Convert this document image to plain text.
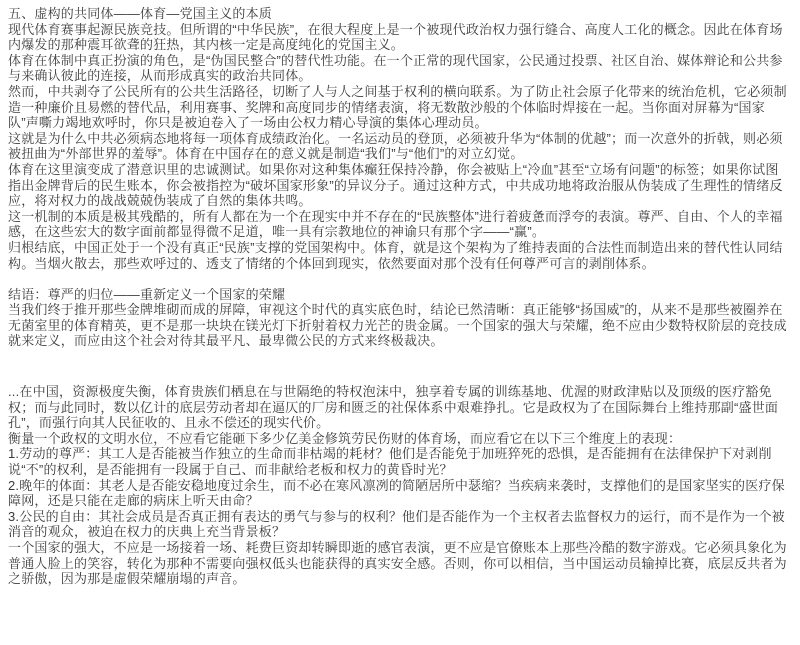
五、虚构的共同体——体育—党国主义的本质

现代体育赛事起源民族竞技。但所谓的“中华民族”，在很大程度上是一个被现代政治权力强行缝合、高度人工化的概念。因此在体育场内爆发的那种震耳欲聋的狂热，其内核一定是高度纯化的党国主义。

体育在体制中真正扮演的角色，是“伪国民整合”的替代性功能。在一个正常的现代国家，公民通过投票、社区自治、媒体辩论和公共参与来确认彼此的连接，从而形成真实的政治共同体。

然而，中共剥夺了公民所有的公共生活路径，切断了人与人之间基于权利的横向联系。为了防止社会原子化带来的统治危机，它必须制造一种廉价且易燃的替代品，利用赛事、奖牌和高度同步的情绪表演，将无数散沙般的个体临时焊接在一起。当你面对屏幕为“国家队”声嘶力竭地欢呼时，你只是被迫卷入了一场由公权力精心导演的集体心理动员。

这就是为什么中共必须病态地将每一项体育成绩政治化。一名运动员的登顶，必须被升华为“体制的优越”；而一次意外的折戟，则必须被扭曲为“外部世界的羞辱”。体育在中国存在的意义就是制造“我们”与“他们”的对立幻觉。

体育在这里演变成了潜意识里的忠诚测试。如果你对这种集体癫狂保持冷静，你会被贴上“冷血”甚至“立场有问题”的标签；如果你试图指出金牌背后的民生账本，你会被指控为“破坏国家形象”的异议分子。通过这种方式，中共成功地将政治服从伪装成了生理性的情绪反应，将对权力的战战兢兢伪装成了自然的集体共鸣。

这一机制的本质是极其残酷的，所有人都在为一个在现实中并不存在的“民族整体”进行着疲惫而浮夸的表演。尊严、自由、个人的幸福感，在这些宏大的数字面前都显得微不足道，唯一具有宗教地位的神谕只有那个字——“赢”。

归根结底，中国正处于一个没有真正“民族”支撑的党国架构中。体育，就是这个架构为了维持表面的合法性而制造出来的替代性认同结构。当烟火散去，那些欢呼过的、透支了情绪的个体回到现实，依然要面对那个没有任何尊严可言的剥削体系。

结语：尊严的归位——重新定义一个国家的荣耀

当我们终于推开那些金牌堆砌而成的屏障，审视这个时代的真实底色时，结论已然清晰：真正能够“扬国威”的，从来不是那些被圈养在无菌室里的体育精英，更不是那一块块在镁光灯下折射着权力光芒的贵金属。一个国家的强大与荣耀，绝不应由少数特权阶层的竞技成就来定义，而应由这个社会对待其最平凡、最卑微公民的方式来终极裁决。

...在中国，资源极度失衡，体育贵族们栖息在与世隔绝的特权泡沫中，独享着专属的训练基地、优渥的财政津贴以及顶级的医疗豁免权；而与此同时，数以亿计的底层劳动者却在逼仄的厂房和匮乏的社保体系中艰难挣扎。它是政权为了在国际舞台上维持那副“盛世面孔”，而强行向其人民征收的、且永不偿还的现实代价。

衡量一个政权的文明水位，不应看它能砸下多少亿美金修筑劳民伤财的体育场，而应看它在以下三个维度上的表现：

1.劳动的尊严：其工人是否能被当作独立的生命而非枯竭的耗材？他们是否能免于加班猝死的恐惧，是否能拥有在法律保护下对剥削说“不”的权利，是否能拥有一段属于自己、而非献给老板和权力的黄昏时光？

2.晚年的体面：其老人是否能安稳地度过余生，而不必在寒风凛冽的简陋居所中瑟缩？当疾病来袭时，支撑他们的是国家坚实的医疗保障网，还是只能在走廊的病床上听天由命？

3.公民的自由：其社会成员是否真正拥有表达的勇气与参与的权利？他们是否能作为一个主权者去监督权力的运行，而不是作为一个被消音的观众，被迫在权力的庆典上充当背景板？

一个国家的强大，不应是一场接着一场、耗费巨资却转瞬即逝的感官表演，更不应是官僚账本上那些冷酷的数字游戏。它必须具象化为普通人脸上的笑容，转化为那种不需要向强权低头也能获得的真实安全感。否则，你可以相信，当中国运动员输掉比赛，底层反共者为之骄傲，因为那是虚假荣耀崩塌的声音。
